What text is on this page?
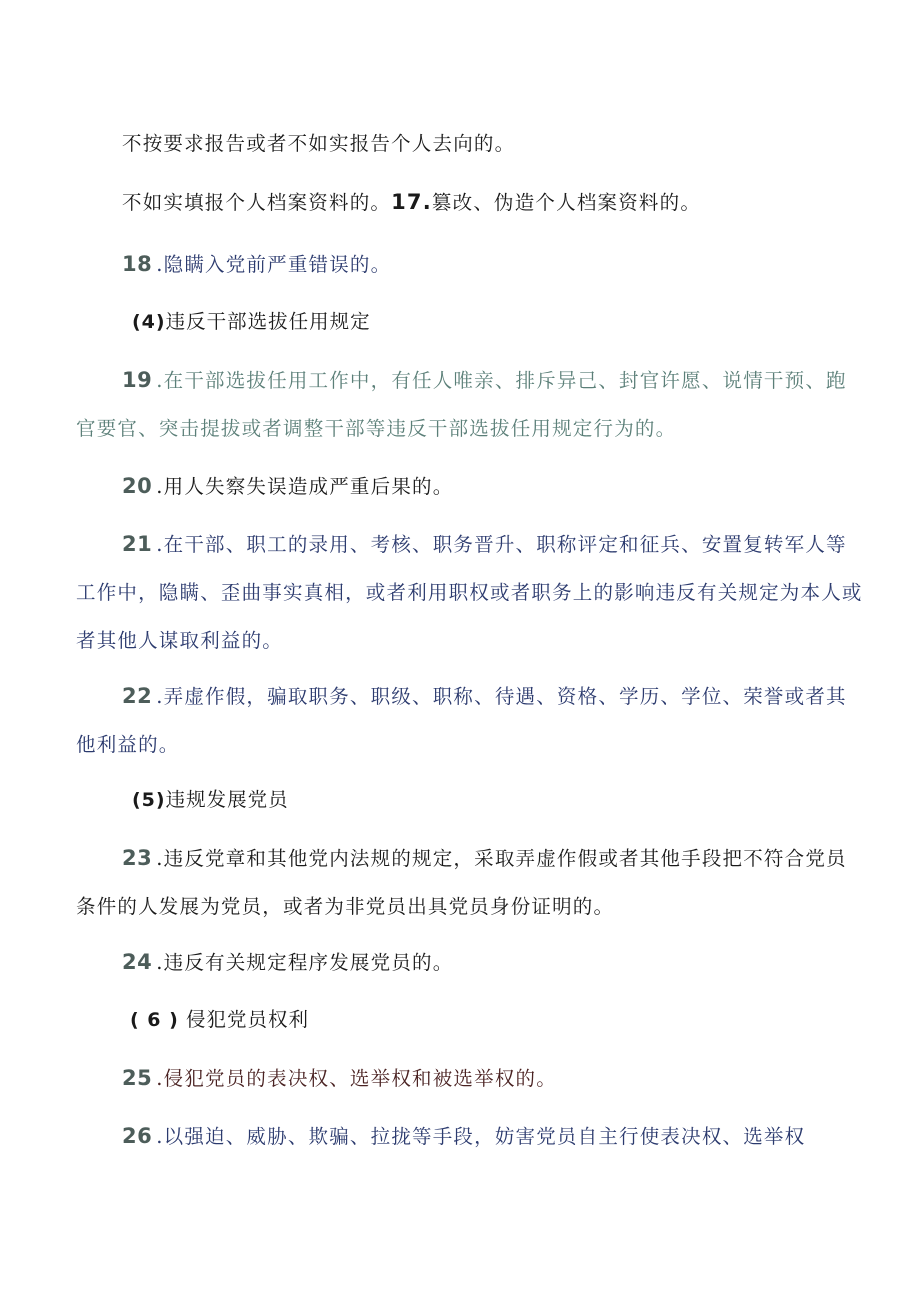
不按要求报告或者不如实报告个人去向的。

不如实填报个人档案资料的。17.篡改、伪造个人档案资料的。

18 .隐瞒入党前严重错误的。

(4)违反干部选拔任用规定

19 .在干部选拔任用工作中，有任人唯亲、排斥异己、封官许愿、说情干预、跑官要官、突击提拔或者调整干部等违反干部选拔任用规定行为的。

20 .用人失察失误造成严重后果的。

21 .在干部、职工的录用、考核、职务晋升、职称评定和征兵、安置复转军人等工作中，隐瞒、歪曲事实真相，或者利用职权或者职务上的影响违反有关规定为本人或者其他人谋取利益的。

22 .弄虚作假，骗取职务、职级、职称、待遇、资格、学历、学位、荣誉或者其他利益的。

(5)违规发展党员

23 .违反党章和其他党内法规的规定，采取弄虚作假或者其他手段把不符合党员条件的人发展为党员，或者为非党员出具党员身份证明的。

24 .违反有关规定程序发展党员的。

( 6 ) 侵犯党员权利

25 .侵犯党员的表决权、选举权和被选举权的。

26 .以强迫、威胁、欺骗、拉拢等手段，妨害党员自主行使表决权、选举权
